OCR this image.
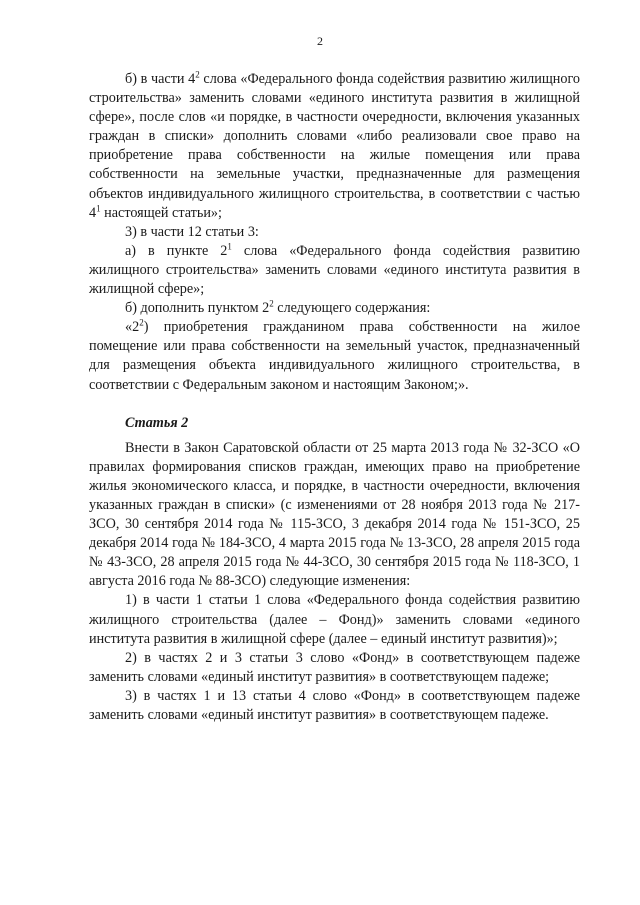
2

б) в части $4^2$ слова «Федерального фонда содействия развитию жилищного строительства» заменить словами «единого института развития в жилищной сфере», после слов «и порядке, в частности очередности, включения указанных граждан в списки» дополнить словами «либо реализовали свое право на приобретение права собственности на жилые помещения или права собственности на земельные участки, предназначенные для размещения объектов индивидуального жилищного строительства, в соответствии с частью $4^1$ настоящей статьи»;

3) в части 12 статьи 3:

а) в пункте $2^1$ слова «Федерального фонда содействия развитию жилищного строительства» заменить словами «единого института развития в жилищной сфере»;

б) дополнить пунктом $2^2$ следующего содержания:

«$2^2$) приобретения гражданином права собственности на жилое помещение или права собственности на земельный участок, предназначенный для размещения объекта индивидуального жилищного строительства, в соответствии с Федеральным законом и настоящим Законом;».

Статья 2

Внести в Закон Саратовской области от 25 марта 2013 года № 32-ЗСО «О правилах формирования списков граждан, имеющих право на приобретение жилья экономического класса, и порядке, в частности очередности, включения указанных граждан в списки» (с изменениями от 28 ноября 2013 года № 217-ЗСО, 30 сентября 2014 года № 115-ЗСО, 3 декабря 2014 года № 151-ЗСО, 25 декабря 2014 года № 184-ЗСО, 4 марта 2015 года № 13-ЗСО, 28 апреля 2015 года № 43-ЗСО, 28 апреля 2015 года № 44-ЗСО, 30 сентября 2015 года № 118-ЗСО, 1 августа 2016 года № 88-ЗСО) следующие изменения:

1) в части 1 статьи 1 слова «Федерального фонда содействия развитию жилищного строительства (далее – Фонд)» заменить словами «единого института развития в жилищной сфере (далее – единый институт развития)»;

2) в частях 2 и 3 статьи 3 слово «Фонд» в соответствующем падеже заменить словами «единый институт развития» в соответствующем падеже;

3) в частях 1 и 13 статьи 4 слово «Фонд» в соответствующем падеже заменить словами «единый институт развития» в соответствующем падеже.
